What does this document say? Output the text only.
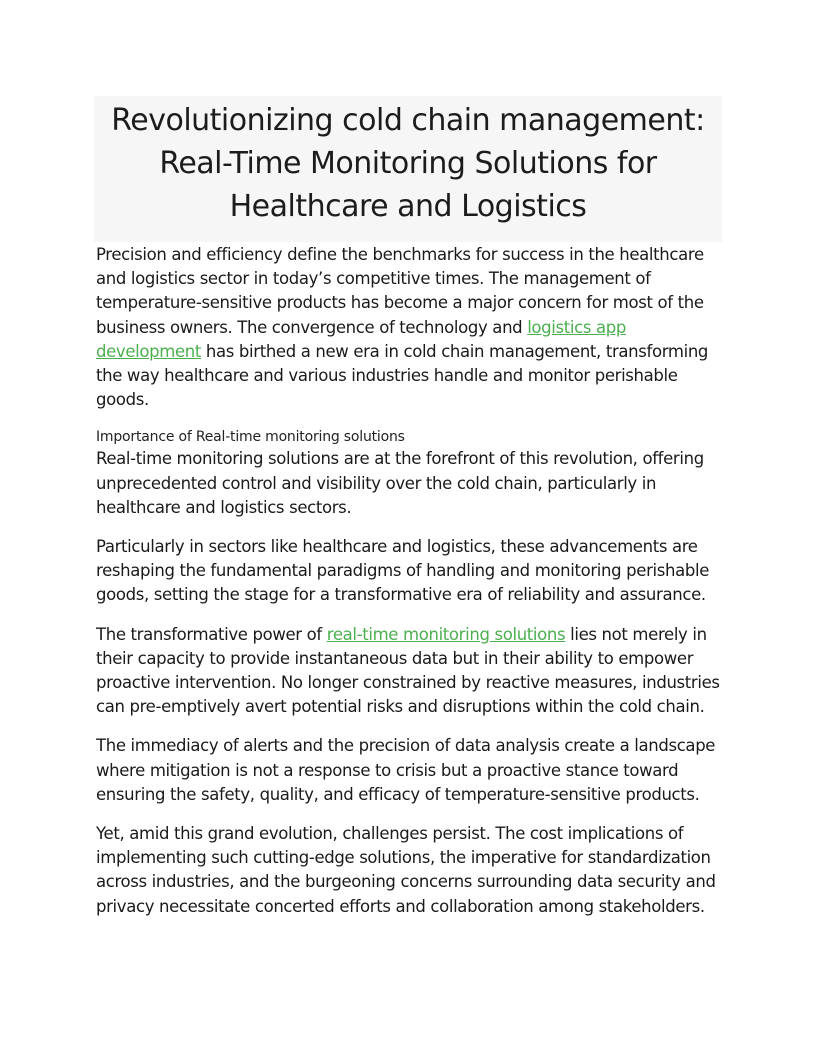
Revolutionizing cold chain management:
Real-Time Monitoring Solutions for
Healthcare and Logistics
Precision and efficiency define the benchmarks for success in the healthcare
and logistics sector in today’s competitive times. The management of
temperature-sensitive products has become a major concern for most of the
business owners. The convergence of technology and logistics app
development has birthed a new era in cold chain management, transforming
the way healthcare and various industries handle and monitor perishable
goods.
Importance of Real-time monitoring solutions
Real-time monitoring solutions are at the forefront of this revolution, offering
unprecedented control and visibility over the cold chain, particularly in
healthcare and logistics sectors.
Particularly in sectors like healthcare and logistics, these advancements are
reshaping the fundamental paradigms of handling and monitoring perishable
goods, setting the stage for a transformative era of reliability and assurance.
The transformative power of real-time monitoring solutions lies not merely in
their capacity to provide instantaneous data but in their ability to empower
proactive intervention. No longer constrained by reactive measures, industries
can pre-emptively avert potential risks and disruptions within the cold chain.
The immediacy of alerts and the precision of data analysis create a landscape
where mitigation is not a response to crisis but a proactive stance toward
ensuring the safety, quality, and efficacy of temperature-sensitive products.
Yet, amid this grand evolution, challenges persist. The cost implications of
implementing such cutting-edge solutions, the imperative for standardization
across industries, and the burgeoning concerns surrounding data security and
privacy necessitate concerted efforts and collaboration among stakeholders.
